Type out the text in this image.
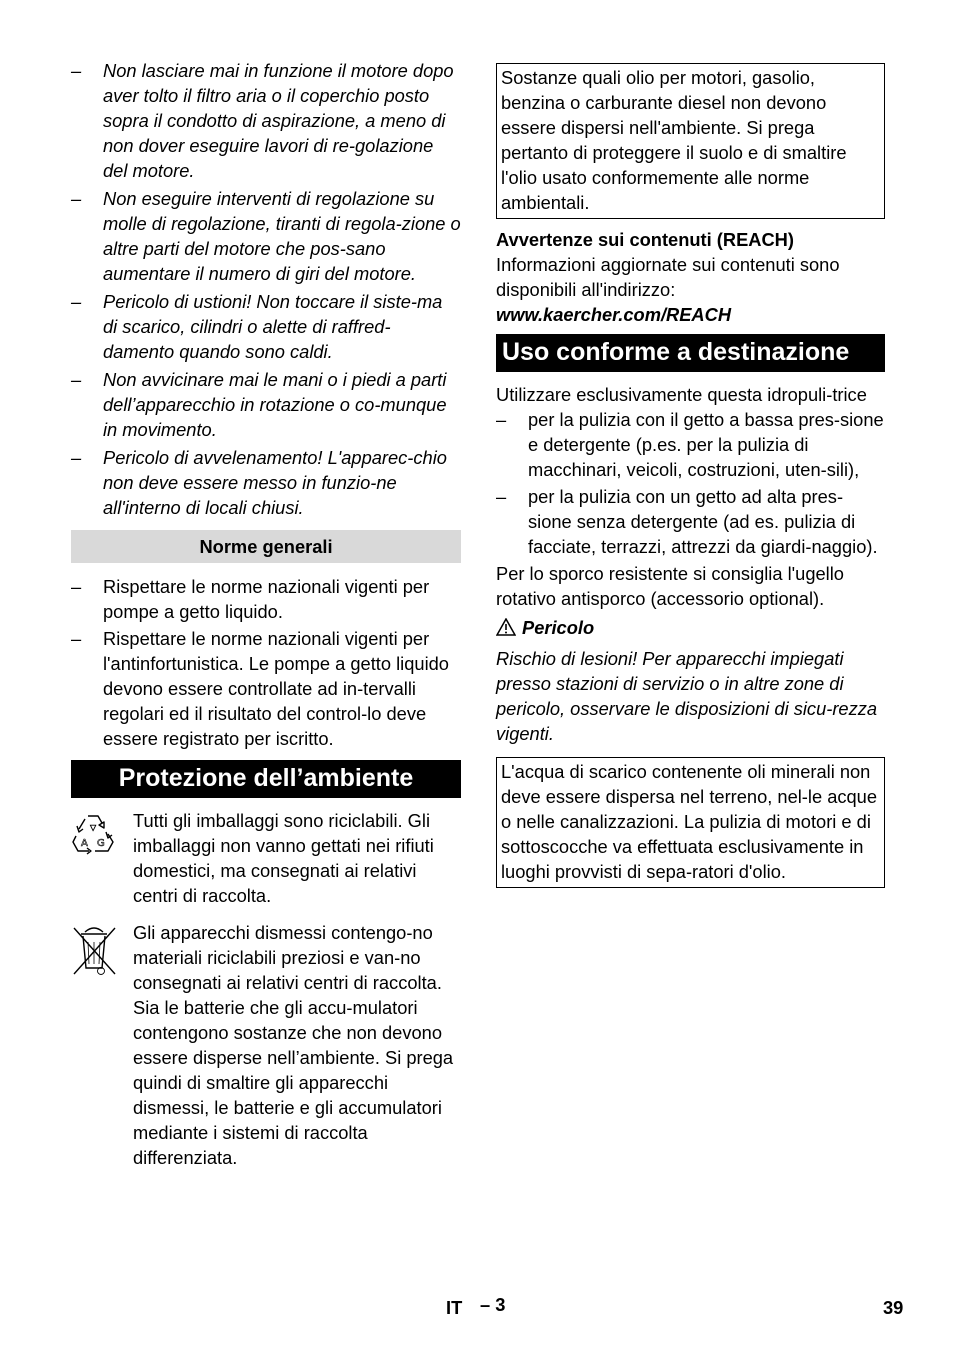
– Non lasciare mai in funzione il motore dopo aver tolto il filtro aria o il coperchio posto sopra il condotto di aspirazione, a meno di non dover eseguire lavori di re-golazione del motore.
– Non eseguire interventi di regolazione su molle di regolazione, tiranti di regola-zione o altre parti del motore che pos-sano aumentare il numero di giri del motore.
– Pericolo di ustioni! Non toccare il siste-ma di scarico, cilindri o alette di raffred-damento quando sono caldi.
– Non avvicinare mai le mani o i piedi a parti dell’apparecchio in rotazione o co-munque in movimento.
– Pericolo di avvelenamento! L'apparec-chio non deve essere messo in funzio-ne all'interno di locali chiusi.
Norme generali
– Rispettare le norme nazionali vigenti per pompe a getto liquido.
– Rispettare le norme nazionali vigenti per l'antinfortunistica. Le pompe a getto liquido devono essere controllate ad in-tervalli regolari ed il risultato del control-lo deve essere registrato per iscritto.
Protezione dell’ambiente
A G
▽ Tutti gli imballaggi sono riciclabili. Gli imballaggi non vanno gettati nei rifiuti domestici, ma consegnati ai relativi centri di raccolta.
Gli apparecchi dismessi contengo-no materiali riciclabili preziosi e van-no consegnati ai relativi centri di raccolta. Sia le batterie che gli accu-mulatori contengono sostanze che non devono essere disperse nell’ambiente. Si prega quindi di smaltire gli apparecchi dismessi, le batterie e gli accumulatori mediante i sistemi di raccolta differenziata.
Sostanze quali olio per motori, gasolio, benzina o carburante diesel non devono essere dispersi nell'ambiente. Si prega pertanto di proteggere il suolo e di smaltire l'olio usato conformemente alle norme ambientali.

Avvertenze sui contenuti (REACH)

Informazioni aggiornate sui contenuti sono disponibili all'indirizzo:

www.kaercher.com/REACH

Uso conforme a destinazione

Utilizzare esclusivamente questa idropuli-trice

– per la pulizia con il getto a bassa pres-sione e detergente (p.es. per la pulizia di macchinari, veicoli, costruzioni, uten-sili),
– per la pulizia con un getto ad alta pres-sione senza detergente (ad es. pulizia di facciate, terrazzi, attrezzi da giardi-naggio).

Per lo sporco resistente si consiglia l'ugello rotativo antisporco (accessorio optional).

Pericolo

Rischio di lesioni! Per apparecchi impiegati presso stazioni di servizio o in altre zone di pericolo, osservare le disposizioni di sicu-rezza vigenti.

L'acqua di scarico contenente oli minerali non deve essere dispersa nel terreno, nel-le acque o nelle canalizzazioni. La pulizia di motori e di sottoscocche va effettuata esclusivamente in luoghi provvisti di sepa-ratori d'olio.
IT – 3	39
